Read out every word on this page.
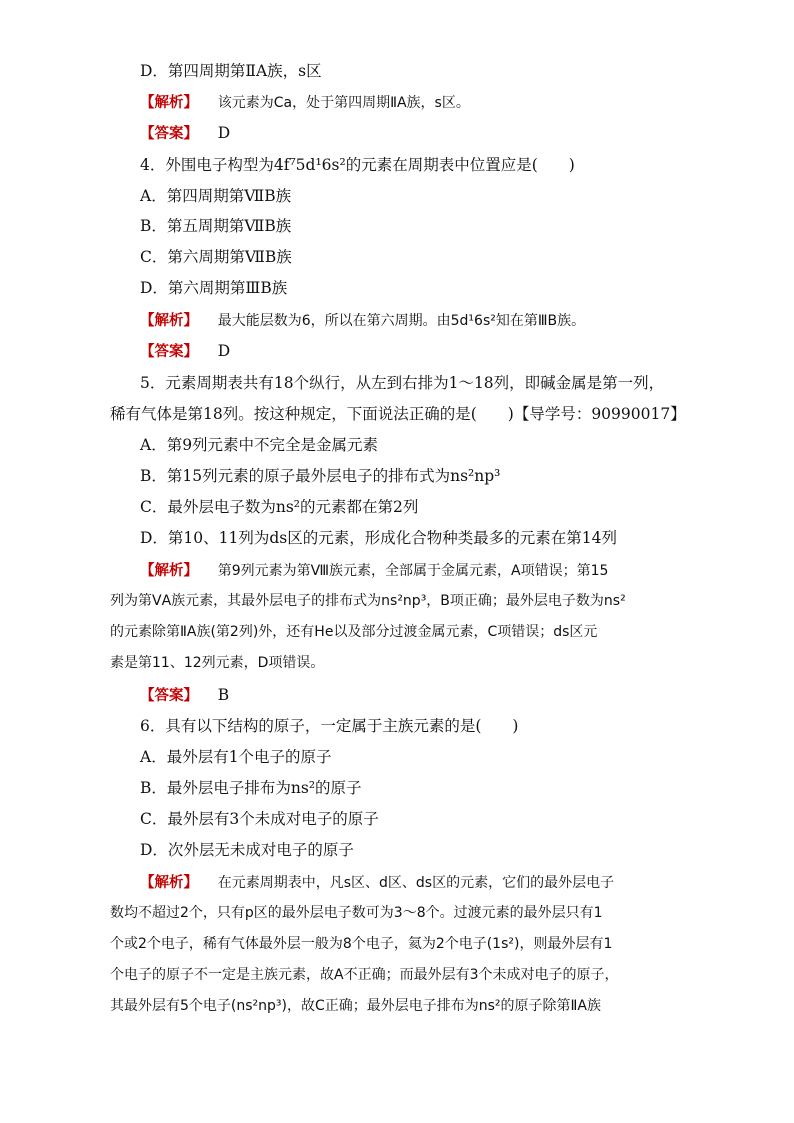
D．第四周期第ⅡA族，s区
【解析】 该元素为Ca，处于第四周期ⅡA族，s区。
【答案】 D
4．外围电子构型为4f⁷5d¹6s²的元素在周期表中位置应是(　　)
A．第四周期第ⅦB族
B．第五周期第ⅦB族
C．第六周期第ⅦB族
D．第六周期第ⅢB族
【解析】 最大能层数为6，所以在第六周期。由5d¹6s²知在第ⅢB族。
【答案】 D
5．元素周期表共有18个纵行，从左到右排为1～18列，即碱金属是第一列，
稀有气体是第18列。按这种规定，下面说法正确的是(　　)【导学号：90990017】
A．第9列元素中不完全是金属元素
B．第15列元素的原子最外层电子的排布式为ns²np³
C．最外层电子数为ns²的元素都在第2列
D．第10、11列为ds区的元素，形成化合物种类最多的元素在第14列
【解析】 第9列元素为第Ⅷ族元素，全部属于金属元素，A项错误；第15
列为第ⅤA族元素，其最外层电子的排布式为ns²np³，B项正确；最外层电子数为ns²
的元素除第ⅡA族(第2列)外，还有He以及部分过渡金属元素，C项错误；ds区元
素是第11、12列元素，D项错误。
【答案】 B
6．具有以下结构的原子，一定属于主族元素的是(　　)
A．最外层有1个电子的原子
B．最外层电子排布为ns²的原子
C．最外层有3个未成对电子的原子
D．次外层无未成对电子的原子
【解析】 在元素周期表中，凡s区、d区、ds区的元素，它们的最外层电子
数均不超过2个，只有p区的最外层电子数可为3～8个。过渡元素的最外层只有1
个或2个电子，稀有气体最外层一般为8个电子，氦为2个电子(1s²)，则最外层有1
个电子的原子不一定是主族元素，故A不正确；而最外层有3个未成对电子的原子，
其最外层有5个电子(ns²np³)，故C正确；最外层电子排布为ns²的原子除第ⅡA族
